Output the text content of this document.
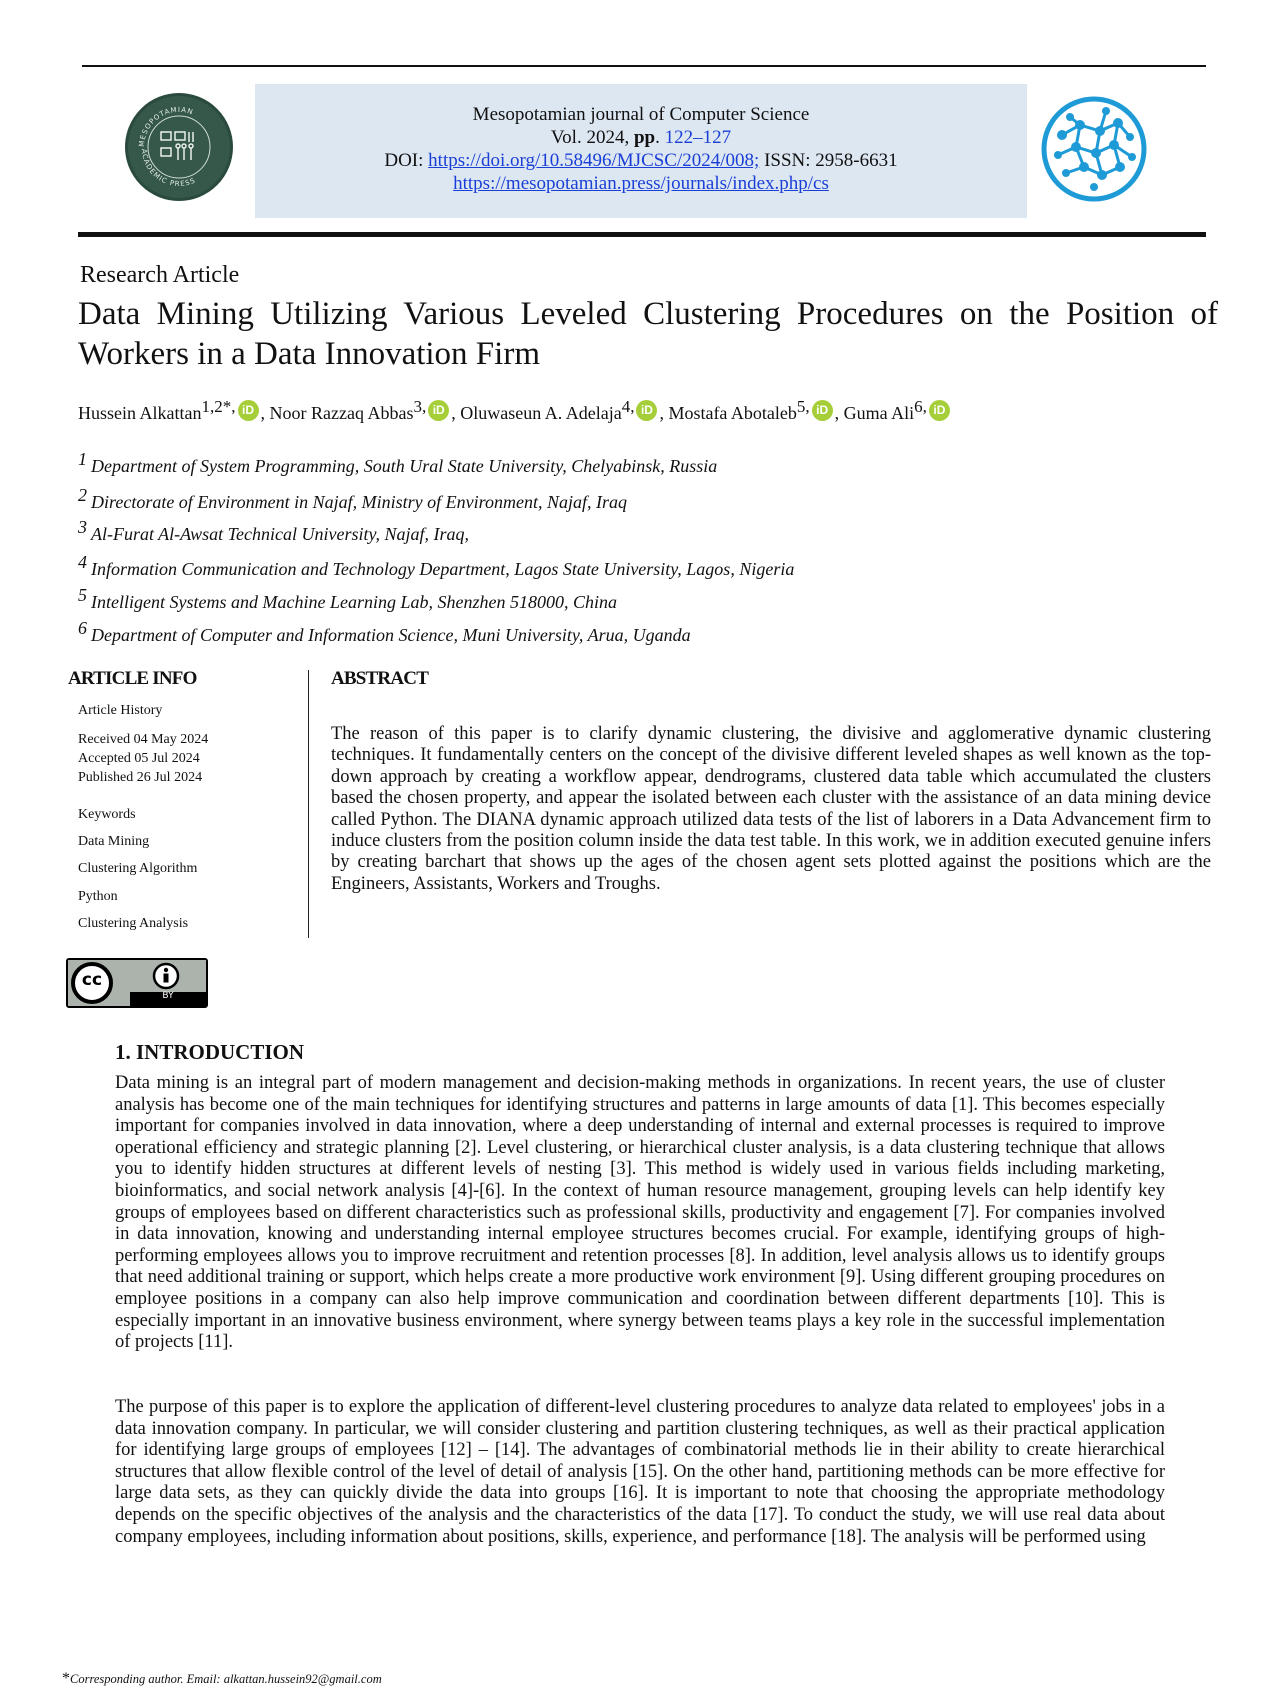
MESOPOTAMIAN
ACADEMIC PRESS
Mesopotamian journal of Computer Science
Vol. 2024, pp. 122–127
DOI: https://doi.org/10.58496/MJCSC/2024/008; ISSN: 2958-6631
https://mesopotamian.press/journals/index.php/cs
Research Article
Data Mining Utilizing Various Leveled Clustering Procedures on the Position of Workers in a Data Innovation Firm
Hussein Alkattan$^{1,2*,}$ iD , Noor Razzaq Abbas$^{3,}$ iD , Oluwaseun A. Adelaja$^{4,}$ iD , Mostafa Abotaleb$^{5,}$ iD , Guma Ali$^{6,}$ iD
$^1$ Department of System Programming, South Ural State University, Chelyabinsk, Russia
$^2$ Directorate of Environment in Najaf, Ministry of Environment, Najaf, Iraq
$^3$ Al-Furat Al-Awsat Technical University, Najaf, Iraq,
$^4$ Information Communication and Technology Department, Lagos State University, Lagos, Nigeria
$^5$ Intelligent Systems and Machine Learning Lab, Shenzhen 518000, China
$^6$ Department of Computer and Information Science, Muni University, Arua, Uganda
ARTICLE INFO
Article History
Received 04 May 2024
Accepted 05 Jul 2024
Published 26 Jul 2024
Keywords
Data Mining
Clustering Algorithm
Python
Clustering Analysis
ABSTRACT
The reason of this paper is to clarify dynamic clustering, the divisive and agglomerative dynamic clustering techniques. It fundamentally centers on the concept of the divisive different leveled shapes as well known as the top-down approach by creating a workflow appear, dendrograms, clustered data table which accumulated the clusters based the chosen property, and appear the isolated between each cluster with the assistance of an data mining device called Python. The DIANA dynamic approach utilized data tests of the list of laborers in a Data Advancement firm to induce clusters from the position column inside the data test table. In this work, we in addition executed genuine infers by creating barchart that shows up the ages of the chosen agent sets plotted against the positions which are the Engineers, Assistants, Workers and Troughs.
cc
BY
1. INTRODUCTION
Data mining is an integral part of modern management and decision-making methods in organizations. In recent years, the use of cluster analysis has become one of the main techniques for identifying structures and patterns in large amounts of data [1]. This becomes especially important for companies involved in data innovation, where a deep understanding of internal and external processes is required to improve operational efficiency and strategic planning [2]. Level clustering, or hierarchical cluster analysis, is a data clustering technique that allows you to identify hidden structures at different levels of nesting [3]. This method is widely used in various fields including marketing, bioinformatics, and social network analysis [4]-[6]. In the context of human resource management, grouping levels can help identify key groups of employees based on different characteristics such as professional skills, productivity and engagement [7]. For companies involved in data innovation, knowing and understanding internal employee structures becomes crucial. For example, identifying groups of high-performing employees allows you to improve recruitment and retention processes [8]. In addition, level analysis allows us to identify groups that need additional training or support, which helps create a more productive work environment [9]. Using different grouping procedures on employee positions in a company can also help improve communication and coordination between different departments [10]. This is especially important in an innovative business environment, where synergy between teams plays a key role in the successful implementation of projects [11].
The purpose of this paper is to explore the application of different-level clustering procedures to analyze data related to employees' jobs in a data innovation company. In particular, we will consider clustering and partition clustering techniques, as well as their practical application for identifying large groups of employees [12] – [14]. The advantages of combinatorial methods lie in their ability to create hierarchical structures that allow flexible control of the level of detail of analysis [15]. On the other hand, partitioning methods can be more effective for large data sets, as they can quickly divide the data into groups [16]. It is important to note that choosing the appropriate methodology depends on the specific objectives of the analysis and the characteristics of the data [17]. To conduct the study, we will use real data about company employees, including information about positions, skills, experience, and performance [18]. The analysis will be performed using
*Corresponding author. Email: alkattan.hussein92@gmail.com
